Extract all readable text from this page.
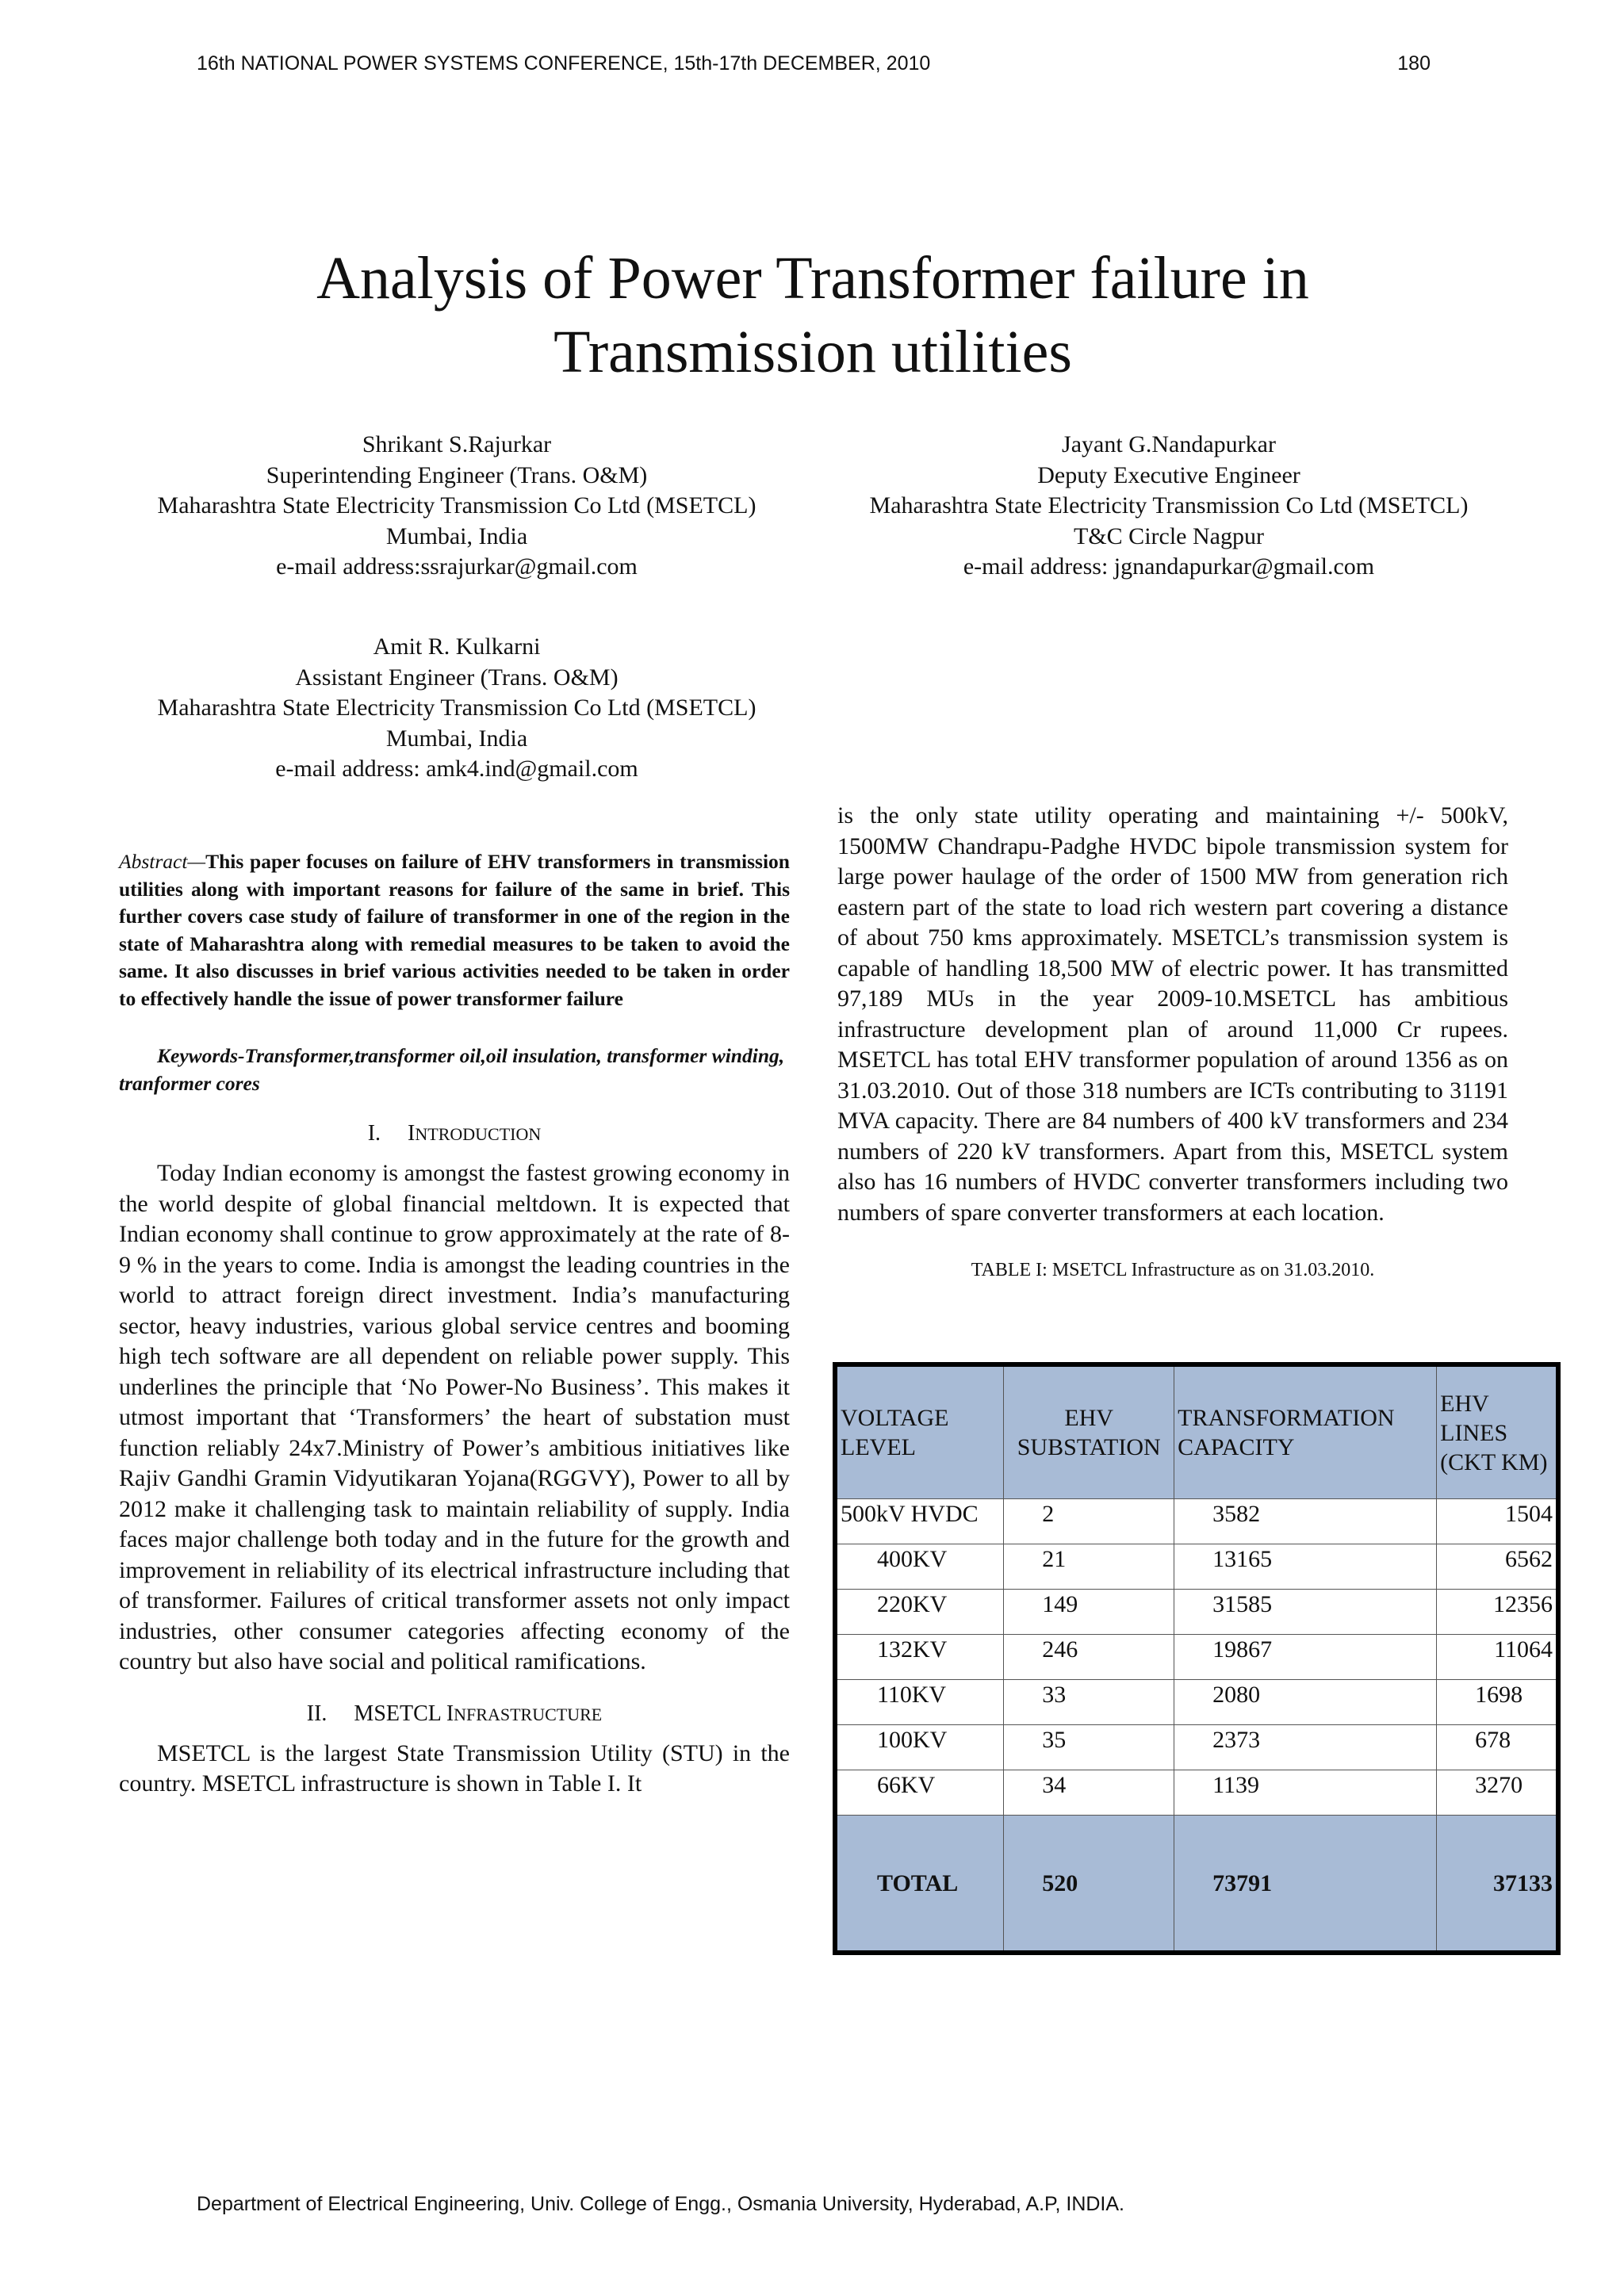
16th NATIONAL POWER SYSTEMS CONFERENCE, 15th-17th DECEMBER, 2010	180
Analysis of Power Transformer failure in
Transmission utilities
Shrikant S.Rajurkar
Superintending Engineer (Trans. O&M)
Maharashtra State Electricity Transmission Co Ltd (MSETCL)
Mumbai, India
e-mail address:ssrajurkar@gmail.com
Jayant G.Nandapurkar
Deputy Executive Engineer
Maharashtra State Electricity Transmission Co Ltd (MSETCL)
T&C Circle Nagpur
e-mail address: jgnandapurkar@gmail.com
Amit R. Kulkarni
Assistant Engineer (Trans. O&M)
Maharashtra State Electricity Transmission Co Ltd (MSETCL)
Mumbai, India
e-mail address: amk4.ind@gmail.com

Abstract—This paper focuses on failure of EHV transformers in transmission utilities along with important reasons for failure of the same in brief. This further covers case study of failure of transformer in one of the region in the state of Maharashtra along with remedial measures to be taken to avoid the same. It also discusses in brief various activities needed to be taken in order to effectively handle the issue of power transformer failure

Keywords-Transformer,transformer oil,oil insulation, transformer winding, tranformer cores

I. INTRODUCTION

Today Indian economy is amongst the fastest growing economy in the world despite of global financial meltdown. It is expected that Indian economy shall continue to grow approximately at the rate of 8-9 % in the years to come. India is amongst the leading countries in the world to attract foreign direct investment. India’s manufacturing sector, heavy industries, various global service centres and booming high tech software are all dependent on reliable power supply. This underlines the principle that ‘No Power-No Business’. This makes it utmost important that ‘Transformers’ the heart of substation must function reliably 24x7.Ministry of Power’s ambitious initiatives like Rajiv Gandhi Gramin Vidyutikaran Yojana(RGGVY), Power to all by 2012 make it challenging task to maintain reliability of supply. India faces major challenge both today and in the future for the growth and improvement in reliability of its electrical infrastructure including that of transformer. Failures of critical transformer assets not only impact industries, other consumer categories affecting economy of the country but also have social and political ramifications.

II. MSETCL INFRASTRUCTURE

MSETCL is the largest State Transmission Utility (STU) in the country. MSETCL infrastructure is shown in Table I. It

is the only state utility operating and maintaining +/- 500kV, 1500MW Chandrapu-Padghe HVDC bipole transmission system for large power haulage of the order of 1500 MW from generation rich eastern part of the state to load rich western part covering a distance of about 750 kms approximately. MSETCL’s transmission system is capable of handling 18,500 MW of electric power. It has transmitted 97,189 MUs in the year 2009-10.MSETCL has ambitious infrastructure development plan of around 11,000 Cr rupees. MSETCL has total EHV transformer population of around 1356 as on 31.03.2010. Out of those 318 numbers are ICTs contributing to 31191 MVA capacity. There are 84 numbers of 400 kV transformers and 234 numbers of 220 kV transformers. Apart from this, MSETCL system also has 16 numbers of HVDC converter transformers including two numbers of spare converter transformers at each location.

TABLE I: MSETCL Infrastructure as on 31.03.2010.
VOLTAGE LEVEL	EHV SUBSTATION	TRANSFORMATION CAPACITY	EHV LINES (CKT KM)
500kV HVDC	2	3582	1504
400KV	21	13165	6562
220KV	149	31585	12356
132KV	246	19867	11064
110KV	33	2080	1698
100KV	35	2373	678
66KV	34	1139	3270
TOTAL	520	73791	37133
Department of Electrical Engineering, Univ. College of Engg., Osmania University, Hyderabad, A.P, INDIA.
